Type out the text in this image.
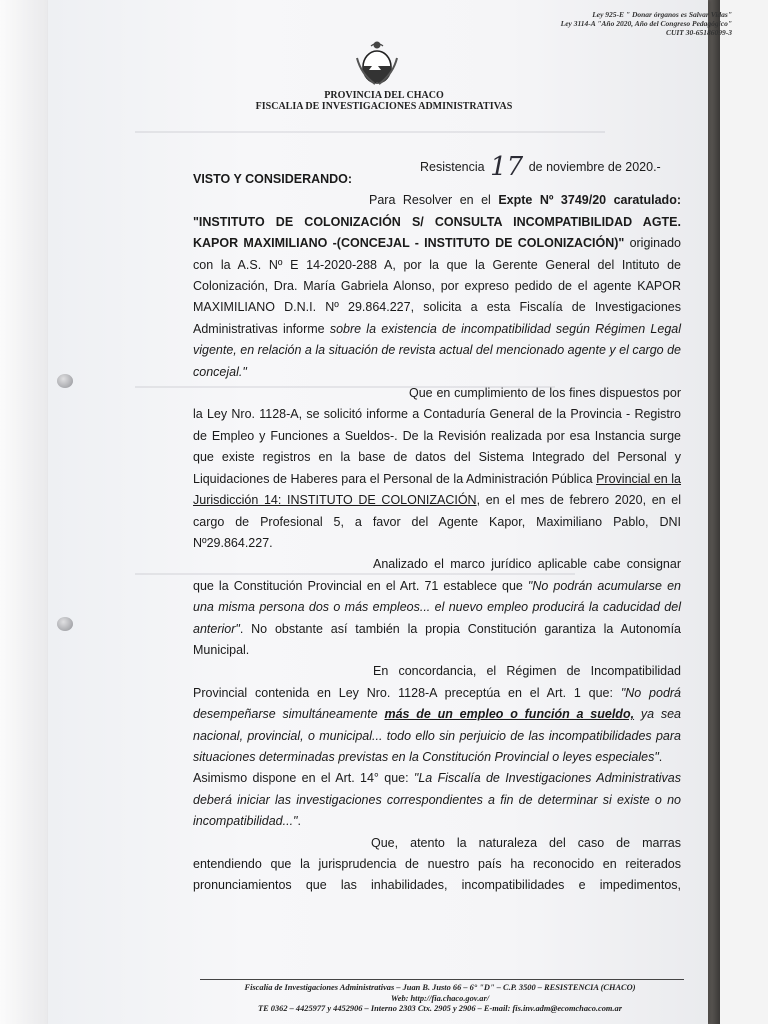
Ley 925-E " Donar órganos es Salvar Vidas"
Ley 3114-A "Año 2020, Año del Congreso Pedagógico"
CUIT 30-65186099-3
PROVINCIA DEL CHACO
FISCALIA DE INVESTIGACIONES ADMINISTRATIVAS
Resistencia 17 de noviembre de 2020.-

VISTO Y CONSIDERANDO:

Para Resolver en el Expte Nº 3749/20 caratulado: "INSTITUTO DE COLONIZACIÓN S/ CONSULTA INCOMPATIBILIDAD AGTE. KAPOR MAXIMILIANO -(CONCEJAL - INSTITUTO DE COLONIZACIÓN)" originado con la A.S. Nº E 14-2020-288 A, por la que la Gerente General del Intituto de Colonización, Dra. María Gabriela Alonso, por expreso pedido de el agente KAPOR MAXIMILIANO D.N.I. Nº 29.864.227, solicita a esta Fiscalía de Investigaciones Administrativas informe sobre la existencia de incompatibilidad según Régimen Legal vigente, en relación a la situación de revista actual del mencionado agente y el cargo de concejal."

Que en cumplimiento de los fines dispuestos por la Ley Nro. 1128-A, se solicitó informe a Contaduría General de la Provincia - Registro de Empleo y Funciones a Sueldos-. De la Revisión realizada por esa Instancia surge que existe registros en la base de datos del Sistema Integrado del Personal y Liquidaciones de Haberes para el Personal de la Administración Pública Provincial en la Jurisdicción 14: INSTITUTO DE COLONIZACIÓN, en el mes de febrero 2020, en el cargo de Profesional 5, a favor del Agente Kapor, Maximiliano Pablo, DNI Nº29.864.227.

Analizado el marco jurídico aplicable cabe consignar que la Constitución Provincial en el Art. 71 establece que "No podrán acumularse en una misma persona dos o más empleos... el nuevo empleo producirá la caducidad del anterior". No obstante así también la propia Constitución garantiza la Autonomía Municipal.

En concordancia, el Régimen de Incompatibilidad Provincial contenida en Ley Nro. 1128-A preceptúa en el Art. 1 que: "No podrá desempeñarse simultáneamente más de un empleo o función a sueldo, ya sea nacional, provincial, o municipal... todo ello sin perjuicio de las incompatibilidades para situaciones determinadas previstas en la Constitución Provincial o leyes especiales".

Asimismo dispone en el Art. 14° que: "La Fiscalía de Investigaciones Administrativas deberá iniciar las investigaciones correspondientes a fin de determinar si existe o no incompatibilidad...".

Que, atento la naturaleza del caso de marras entendiendo que la jurisprudencia de nuestro país ha reconocido en reiterados pronunciamientos que las inhabilidades, incompatibilidades e impedimentos,

Fiscalía de Investigaciones Administrativas – Juan B. Justo 66 – 6° "D" – C.P. 3500 – RESISTENCIA (CHACO)
Web: http://fia.chaco.gov.ar/
TE 0362 – 4425977 y 4452906 – Interno 2303 Ctx. 2905 y 2906 – E-mail: fis.inv.adm@ecomchaco.com.ar
